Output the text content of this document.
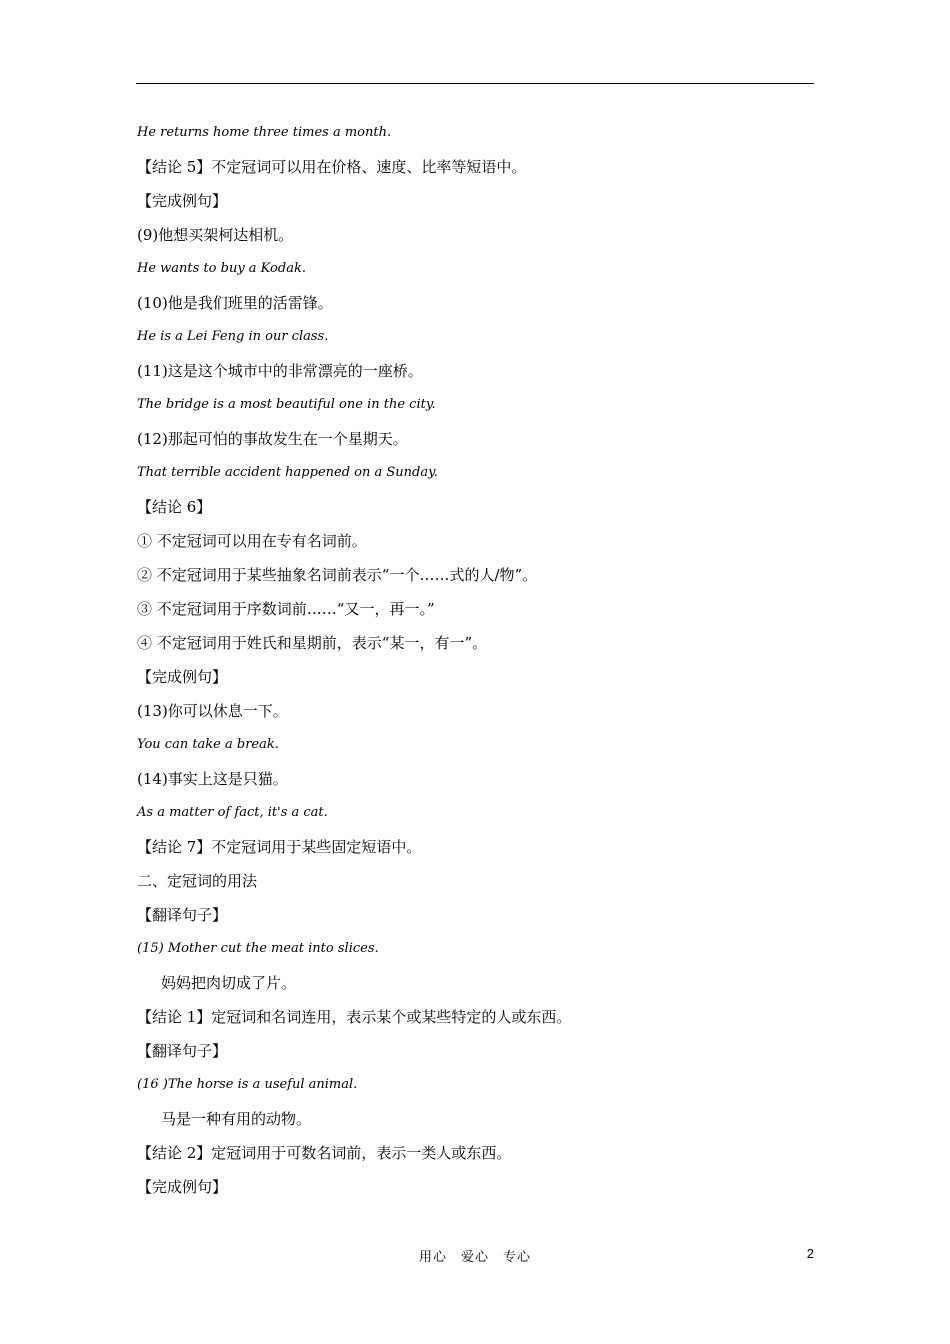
He returns home three times a month.
【结论 5】不定冠词可以用在价格、速度、比率等短语中。
【完成例句】
(9)他想买架柯达相机。
He wants to buy a Kodak.
(10)他是我们班里的活雷锋。
He is a Lei Feng in our class.
(11)这是这个城市中的非常漂亮的一座桥。
The bridge is a most beautiful one in the city.
(12)那起可怕的事故发生在一个星期天。
That terrible accident happened on a Sunday.
【结论 6】
① 不定冠词可以用在专有名词前。
② 不定冠词用于某些抽象名词前表示“一个……式的人/物”。
③ 不定冠词用于序数词前……“又一，再一。”
④ 不定冠词用于姓氏和星期前，表示“某一，有一”。
【完成例句】
(13)你可以休息一下。
You can take a break.
(14)事实上这是只猫。
As a matter of fact, it's a cat.
【结论 7】不定冠词用于某些固定短语中。
二、定冠词的用法
【翻译句子】
(15) Mother cut the meat into slices.
妈妈把肉切成了片。
【结论 1】定冠词和名词连用，表示某个或某些特定的人或东西。
【翻译句子】
(16 )The horse is a useful animal.
马是一种有用的动物。
【结论 2】定冠词用于可数名词前，表示一类人或东西。
【完成例句】
用心　爱心　专心	2
